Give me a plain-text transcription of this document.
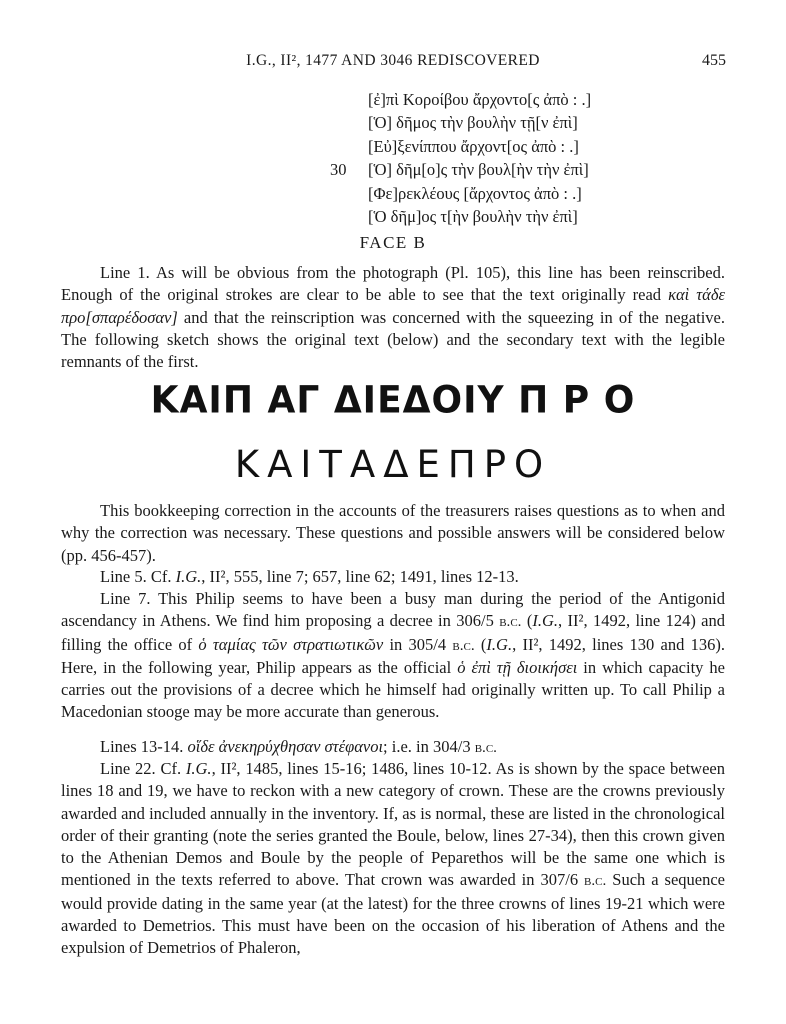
I.G., II², 1477 AND 3046 REDISCOVERED	455
[ἐ]πὶ Κοροίβου ἄρχοντο[ς ἀπὸ : .]
[Ὁ] δῆμος τὴν βουλὴν τῇ[ν ἐπὶ]
[Εὐ]ξενίππου ἄρχοντ[ος ἀπὸ : .]
30	[Ὁ] δῆμ[ο]ς τὴν βουλ[ὴν τὴν ἐπὶ]
[Φε]ρεκλέους [ἄρχοντος ἀπὸ : .]
[Ὁ δῆμ]ος τ[ὴν βουλὴν τὴν ἐπὶ]
FACE B

Line 1. As will be obvious from the photograph (Pl. 105), this line has been reinscribed. Enough of the original strokes are clear to be able to see that the text originally read καὶ τάδε προ[σπαρέδοσαν] and that the reinscription was concerned with the squeezing in of the negative. The following sketch shows the original text (below) and the secondary text with the legible remnants of the first.

ΚΑΙΠ ΑΓ ΔΙΕΔΟΙΥ Π Ρ Ο
ΚΑΙΤΑΔΕΠΡΟ

This bookkeeping correction in the accounts of the treasurers raises questions as to when and why the correction was necessary. These questions and possible answers will be considered below (pp. 456-457).

Line 5. Cf. I.G., II², 555, line 7; 657, line 62; 1491, lines 12-13.

Line 7. This Philip seems to have been a busy man during the period of the Antigonid ascendancy in Athens. We find him proposing a decree in 306/5 b.c. (I.G., II², 1492, line 124) and filling the office of ὁ ταμίας τῶν στρατιωτικῶν in 305/4 b.c. (I.G., II², 1492, lines 130 and 136). Here, in the following year, Philip appears as the official ὁ ἐπὶ τῇ διοικήσει in which capacity he carries out the provisions of a decree which he himself had originally written up. To call Philip a Macedonian stooge may be more accurate than generous.

Lines 13-14. οἵδε ἀνεκηρύχθησαν στέφανοι; i.e. in 304/3 b.c.

Line 22. Cf. I.G., II², 1485, lines 15-16; 1486, lines 10-12. As is shown by the space between lines 18 and 19, we have to reckon with a new category of crown. These are the crowns previously awarded and included annually in the inventory. If, as is normal, these are listed in the chronological order of their granting (note the series granted the Boule, below, lines 27-34), then this crown given to the Athenian Demos and Boule by the people of Peparethos will be the same one which is mentioned in the texts referred to above. That crown was awarded in 307/6 b.c. Such a sequence would provide dating in the same year (at the latest) for the three crowns of lines 19-21 which were awarded to Demetrios. This must have been on the occasion of his liberation of Athens and the expulsion of Demetrios of Phaleron,
